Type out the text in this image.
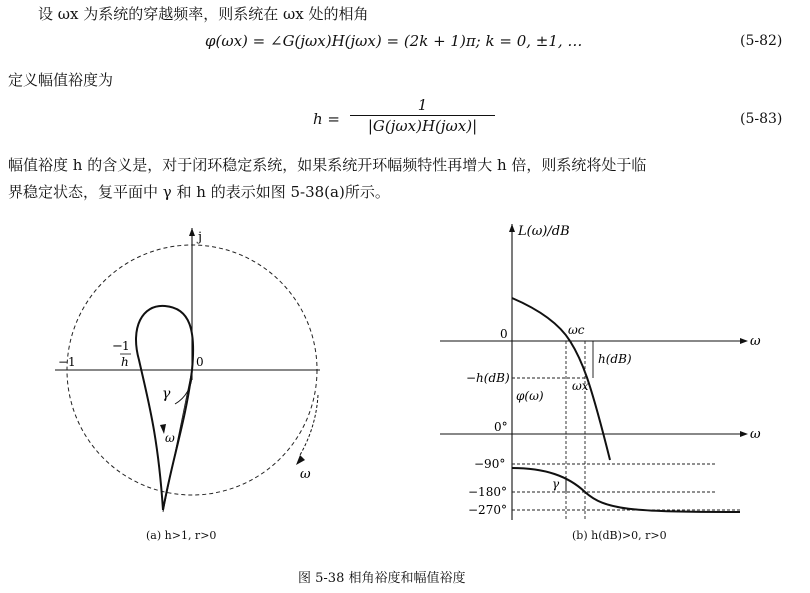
设 ωx 为系统的穿越频率，则系统在 ωx 处的相角
φ(ωx) = ∠G(jωx)H(jωx) = (2k + 1)π; k = 0, ±1, …	(5-82)
定义幅值裕度为
h =
1
|G(jωx)H(jωx)|	(5-83)
幅值裕度 h 的含义是，对于闭环稳定系统，如果系统开环幅频特性再增大 h 倍，则系统将处于临
界稳定状态，复平面中 γ 和 h 的表示如图 5-38(a)所示。
j
−1
− 1
h	0
γ
ω
ω
(a) h>1, r>0
L(ω)/dB
0	ωc
ω
h(dB)
−h(dB)
ωx
φ(ω)
0°	ω
−90°
−180°
−270°
γ
(b) h(dB)>0, r>0
图 5-38 相角裕度和幅值裕度
